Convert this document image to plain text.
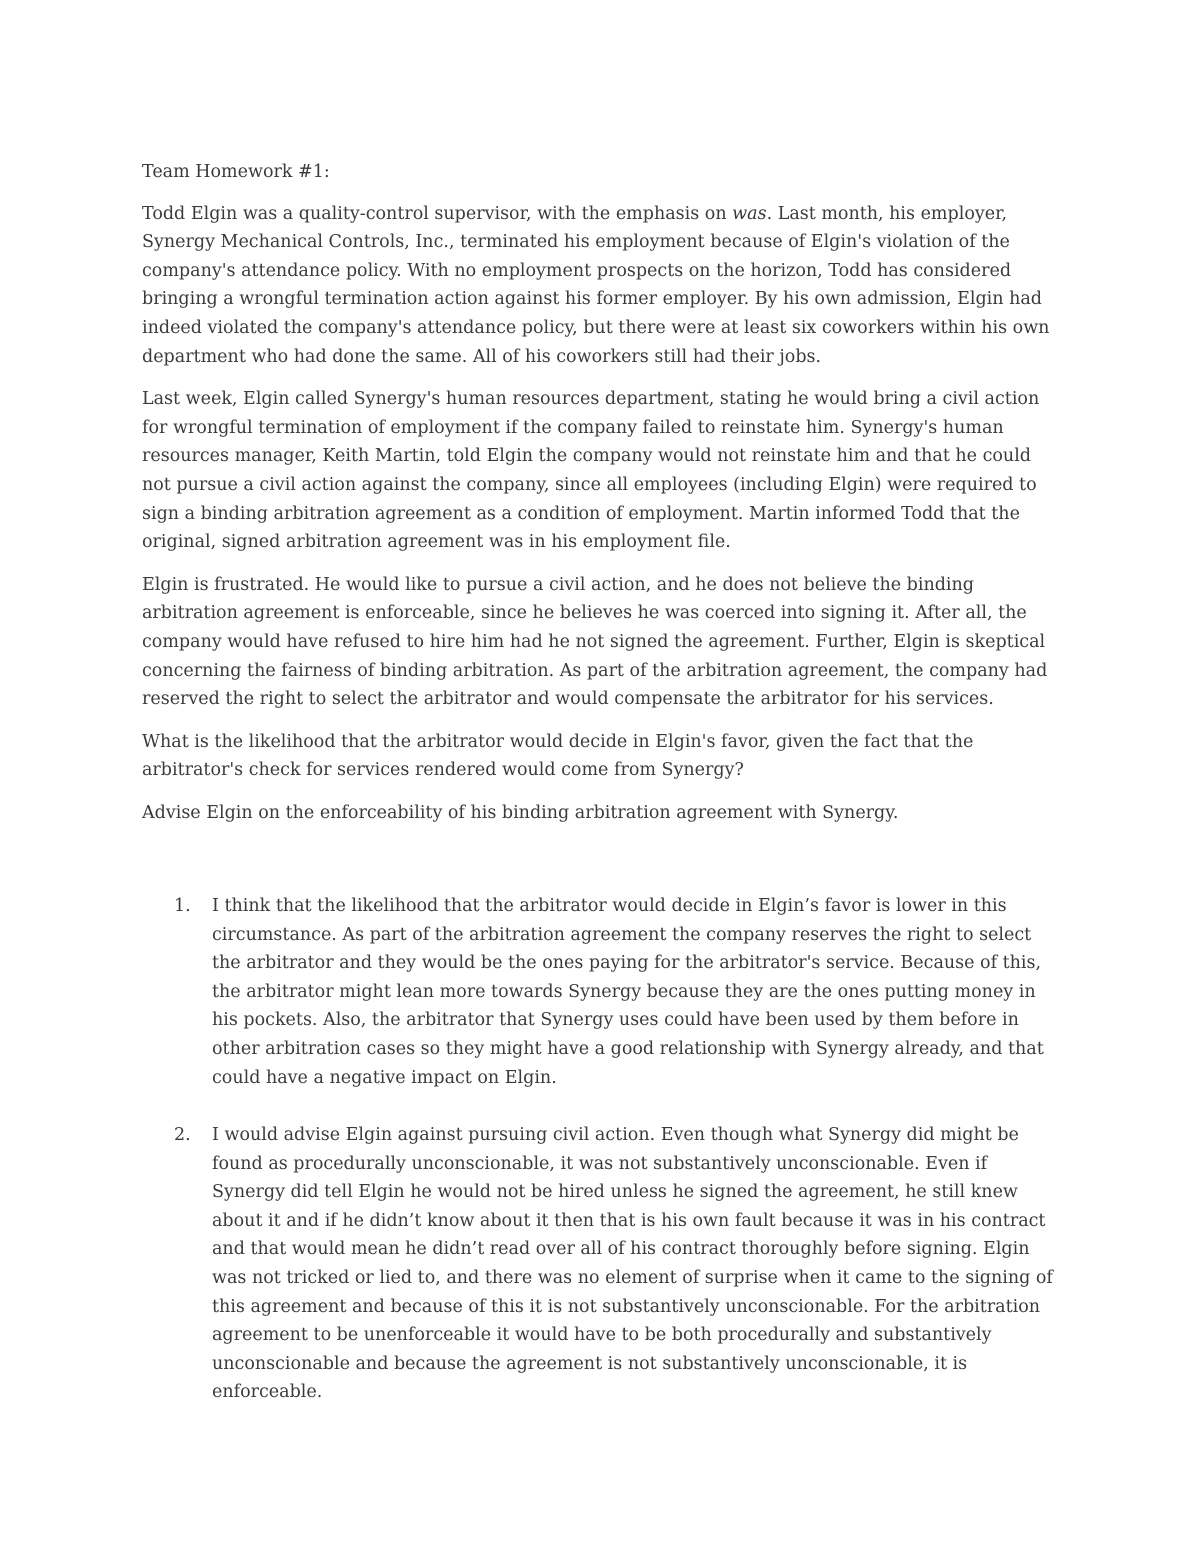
Team Homework #1:

Todd Elgin was a quality-control supervisor, with the emphasis on was. Last month, his employer, Synergy Mechanical Controls, Inc., terminated his employment because of Elgin's violation of the company's attendance policy. With no employment prospects on the horizon, Todd has considered bringing a wrongful termination action against his former employer. By his own admission, Elgin had indeed violated the company's attendance policy, but there were at least six coworkers within his own department who had done the same. All of his coworkers still had their jobs.

Last week, Elgin called Synergy's human resources department, stating he would bring a civil action for wrongful termination of employment if the company failed to reinstate him. Synergy's human resources manager, Keith Martin, told Elgin the company would not reinstate him and that he could not pursue a civil action against the company, since all employees (including Elgin) were required to sign a binding arbitration agreement as a condition of employment. Martin informed Todd that the original, signed arbitration agreement was in his employment file.

Elgin is frustrated. He would like to pursue a civil action, and he does not believe the binding arbitration agreement is enforceable, since he believes he was coerced into signing it. After all, the company would have refused to hire him had he not signed the agreement. Further, Elgin is skeptical concerning the fairness of binding arbitration. As part of the arbitration agreement, the company had reserved the right to select the arbitrator and would compensate the arbitrator for his services.

What is the likelihood that the arbitrator would decide in Elgin's favor, given the fact that the arbitrator's check for services rendered would come from Synergy?

Advise Elgin on the enforceability of his binding arbitration agreement with Synergy.

1.	I think that the likelihood that the arbitrator would decide in Elgin’s favor is lower in this circumstance. As part of the arbitration agreement the company reserves the right to select the arbitrator and they would be the ones paying for the arbitrator's service. Because of this, the arbitrator might lean more towards Synergy because they are the ones putting money in his pockets. Also, the arbitrator that Synergy uses could have been used by them before in other arbitration cases so they might have a good relationship with Synergy already, and that could have a negative impact on Elgin.
2.	I would advise Elgin against pursuing civil action. Even though what Synergy did might be found as procedurally unconscionable, it was not substantively unconscionable. Even if Synergy did tell Elgin he would not be hired unless he signed the agreement, he still knew about it and if he didn’t know about it then that is his own fault because it was in his contract and that would mean he didn’t read over all of his contract thoroughly before signing. Elgin was not tricked or lied to, and there was no element of surprise when it came to the signing of this agreement and because of this it is not substantively unconscionable. For the arbitration agreement to be unenforceable it would have to be both procedurally and substantively unconscionable and because the agreement is not substantively unconscionable, it is enforceable.
